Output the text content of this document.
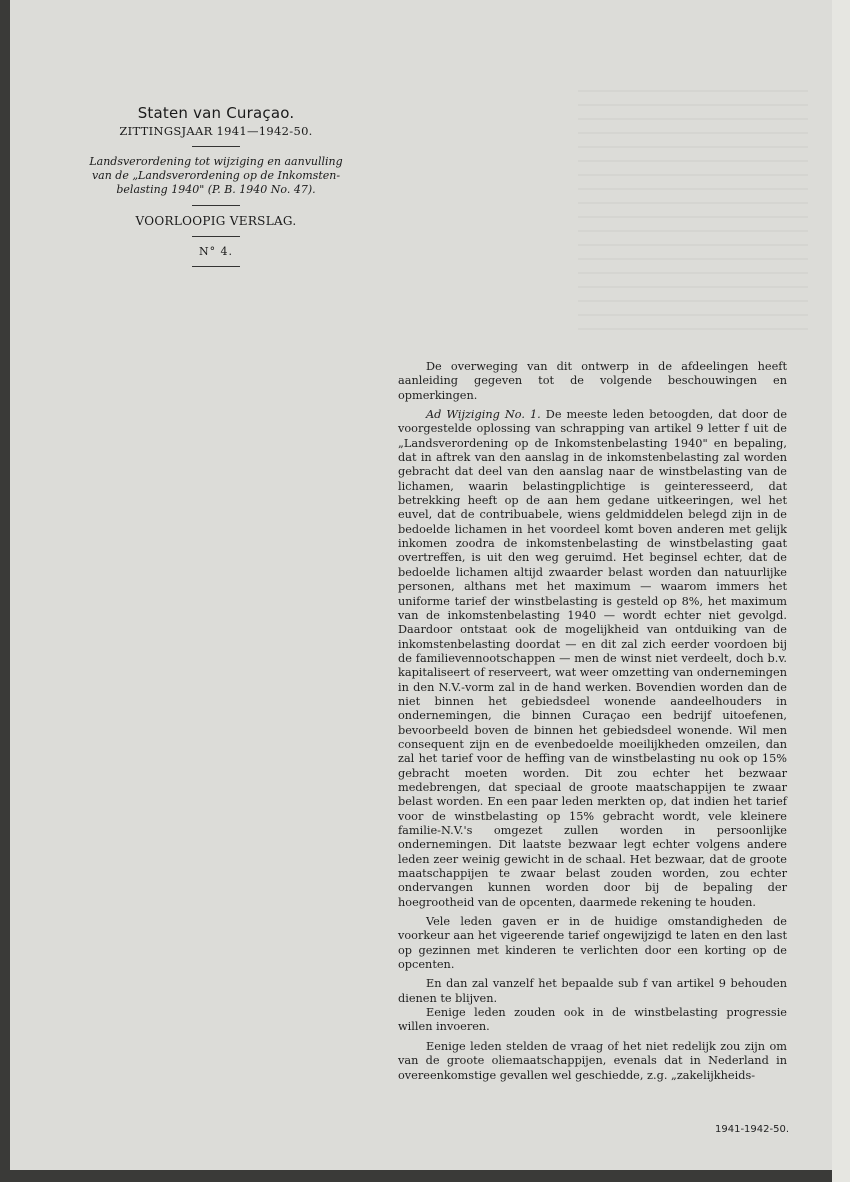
Staten van Curaçao.

ZITTINGSJAAR 1941—1942-50.

Landsverordening tot wijziging en aanvulling

van de „Landsverordening op de Inkomsten-

belasting 1940" (P. B. 1940 No. 47).

VOORLOOPIG VERSLAG.

N° 4.

De overweging van dit ontwerp in de afdeelingen heeft aanleiding gegeven tot de volgende beschouwingen en opmerkingen.

Ad Wijziging No. 1. De meeste leden betoogden, dat door de voorgestelde oplossing van schrapping van artikel 9 letter f uit de „Landsverordening op de Inkomstenbelasting 1940" en bepaling, dat in aftrek van den aanslag in de inkomstenbelasting zal worden gebracht dat deel van den aanslag naar de winstbelasting van de lichamen, waarin belastingplichtige is geinteresseerd, dat betrekking heeft op de aan hem gedane uitkeeringen, wel het euvel, dat de contribuabele, wiens geldmiddelen belegd zijn in de bedoelde lichamen in het voordeel komt boven anderen met gelijk inkomen zoodra de inkomstenbelasting de winstbelasting gaat overtreffen, is uit den weg geruimd. Het beginsel echter, dat de bedoelde lichamen altijd zwaarder belast worden dan natuurlijke personen, althans met het maximum — waarom immers het uniforme tarief der winstbelasting is gesteld op 8%, het maximum van de inkomstenbelasting 1940 — wordt echter niet gevolgd. Daardoor ontstaat ook de mogelijkheid van ontduiking van de inkomstenbelasting doordat — en dit zal zich eerder voordoen bij de familievennootschappen — men de winst niet verdeelt, doch b.v. kapitaliseert of reserveert, wat weer omzetting van ondernemingen in den N.V.-vorm zal in de hand werken. Bovendien worden dan de niet binnen het gebiedsdeel wonende aandeelhouders in ondernemingen, die binnen Curaçao een bedrijf uitoefenen, bevoorbeeld boven de binnen het gebiedsdeel wonende. Wil men consequent zijn en de evenbedoelde moeilijkheden omzeilen, dan zal het tarief voor de heffing van de winstbelasting nu ook op 15% gebracht moeten worden. Dit zou echter het bezwaar medebrengen, dat speciaal de groote maatschappijen te zwaar belast worden. En een paar leden merkten op, dat indien het tarief voor de winstbelasting op 15% gebracht wordt, vele kleinere familie-N.V.'s omgezet zullen worden in persoonlijke ondernemingen. Dit laatste bezwaar legt echter volgens andere leden zeer weinig gewicht in de schaal. Het bezwaar, dat de groote maatschappijen te zwaar belast zouden worden, zou echter ondervangen kunnen worden door bij de bepaling der hoegrootheid van de opcenten, daarmede rekening te houden.

Vele leden gaven er in de huidige omstandigheden de voorkeur aan het vigeerende tarief ongewijzigd te laten en den last op gezinnen met kinderen te verlichten door een korting op de opcenten.

En dan zal vanzelf het bepaalde sub f van artikel 9 behouden dienen te blijven.

Eenige leden zouden ook in de winstbelasting progressie willen invoeren.

Eenige leden stelden de vraag of het niet redelijk zou zijn om van de groote oliemaatschappijen, evenals dat in Nederland in overeenkomstige gevallen wel geschiedde, z.g. „zakelijkheids-

1941-1942-50.
